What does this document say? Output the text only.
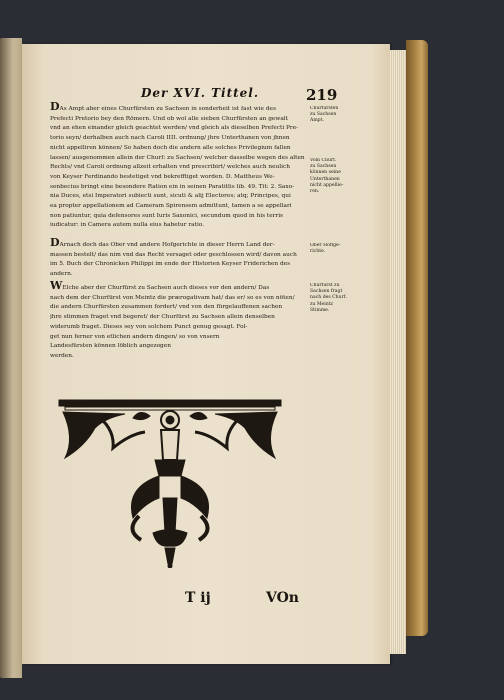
Der XVI. Tittel.	219
DAs Ampt aber eines Churfürsten zu Sachsen in sonderheit ist fast wie des
Prefecti Pretorio bey den Römern. Und ob wol alle sieben Churfürsten an gewalt
vnd an ehen einander gleich geachtet werden/ vnd gleich als dieselben Prefecti Pre-
torio seyn/ derhalben auch nach Caroli IIII. ordnung/ jhre Unterthanen von jhnen
nicht appelliren können/ So haben doch die andern alle solches Privilegium fallen
lassen/ ausgenommen allein der Churf: zu Sachsen/ welcher dasselbe wegen des alten
Rechts/ vnd Caroli ordnung allzeit erhalten vnd prescribirt/ welches auch neulich
von Keyser Ferdinando bestetiget vnd bekrefftiget worden. D. Mattheus We-
senbecius bringt eine besondere Ration ein in seinen Paratitlis lib. 49. Tit: 2. Saxo-
nia Duces, etsi Imperatori subiecti sunt, sicuti & alij Electores; atq; Principes, qui
ea propter appellationem ad Cameram Spirensem admittunt, tamen a se appellari
non patiuntur, quia defensores sunt Iuris Saxonici, secundum quod in his terris
iudicatur: in Camera autem nulla eius habetur ratio.
DArnach doch das Ober vnd andere Hofgerichte in dieser Herrn Land der-
massen bestelt/ das nim vnd das Recht versaget oder geschlossen wird/ davon auch
im 5. Buch der Chronicken Philippi im ende der Historien Keyser Friderichen des
andern.
WElche aber der Churfürst zu Sachsen auch dieses vor den andern/ Das
nach dem der Churfürst von Meintz die prærogativam hat/ das er/ so es von nöten/
die andern Churfürsten zusammen fordert/ vnd von den fürgelauffenen sachen
jhre stimmen fraget vnd begeret/ der Churfürst zu Sachsen allein denselben
widerumb fraget. Dieses sey von solchem Punct genug gesagt. Fol-
get nun ferner von etlichen andern dingen/ so von vnsern
Landesfürsten können löblich angezogen
werden.
Churfürsten
zu Sachsen
Ampt.
Vom Churf.
zu Sachsen
können seine
Unterthanen
nicht appellie-
ren.
Ober Hoffge-
richte.
Churfürst zu
Sachsen fragt
nach des Churf.
zu Meintz
Stimme.
T ij	VOn
